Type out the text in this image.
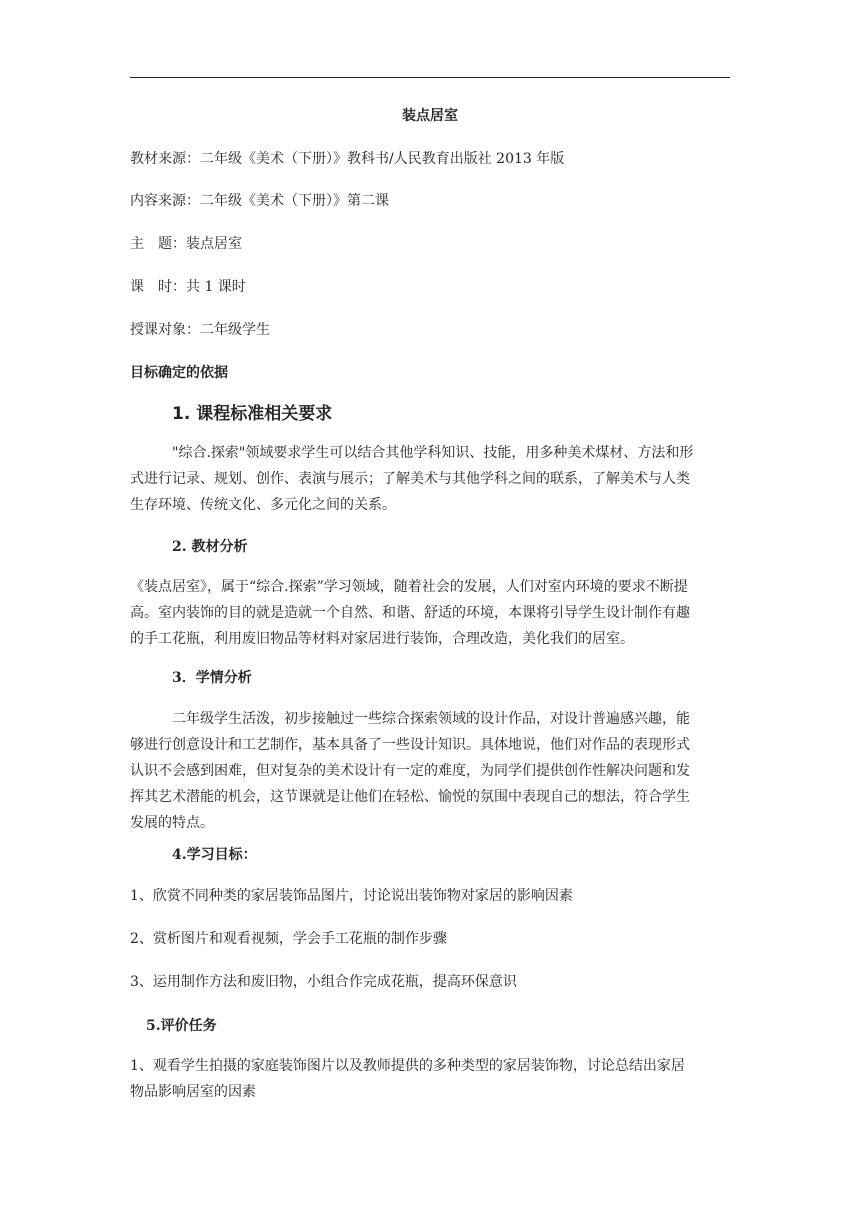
装点居室
教材来源：二年级《美术（下册）》教科书/人民教育出版社 2013 年版
内容来源：二年级《美术（下册）》第二课
主　题：装点居室
课　时：共 1 课时
授课对象：二年级学生
目标确定的依据
1. 课程标准相关要求
"综合.探索"领域要求学生可以结合其他学科知识、技能，用多种美术煤材、方法和形
式进行记录、规划、创作、表演与展示；了解美术与其他学科之间的联系，了解美术与人类
生存环境、传统文化、多元化之间的关系。
2. 教材分析
《装点居室》，属于“综合.探索”学习领域，随着社会的发展，人们对室内环境的要求不断提
高。室内装饰的目的就是造就一个自然、和谐、舒适的环境，本课将引导学生设计制作有趣
的手工花瓶，利用废旧物品等材料对家居进行装饰，合理改造，美化我们的居室。
3．学情分析
二年级学生活泼，初步接触过一些综合探索领域的设计作品，对设计普遍感兴趣，能
够进行创意设计和工艺制作，基本具备了一些设计知识。具体地说，他们对作品的表现形式
认识不会感到困难，但对复杂的美术设计有一定的难度，为同学们提供创作性解决问题和发
挥其艺术潜能的机会，这节课就是让他们在轻松、愉悦的氛围中表现自己的想法，符合学生
发展的特点。
4.学习目标：
1、欣赏不同种类的家居装饰品图片，讨论说出装饰物对家居的影响因素
2、赏析图片和观看视频，学会手工花瓶的制作步骤
3、运用制作方法和废旧物，小组合作完成花瓶，提高环保意识
5.评价任务
1、观看学生拍摄的家庭装饰图片以及教师提供的多种类型的家居装饰物，讨论总结出家居
物品影响居室的因素
